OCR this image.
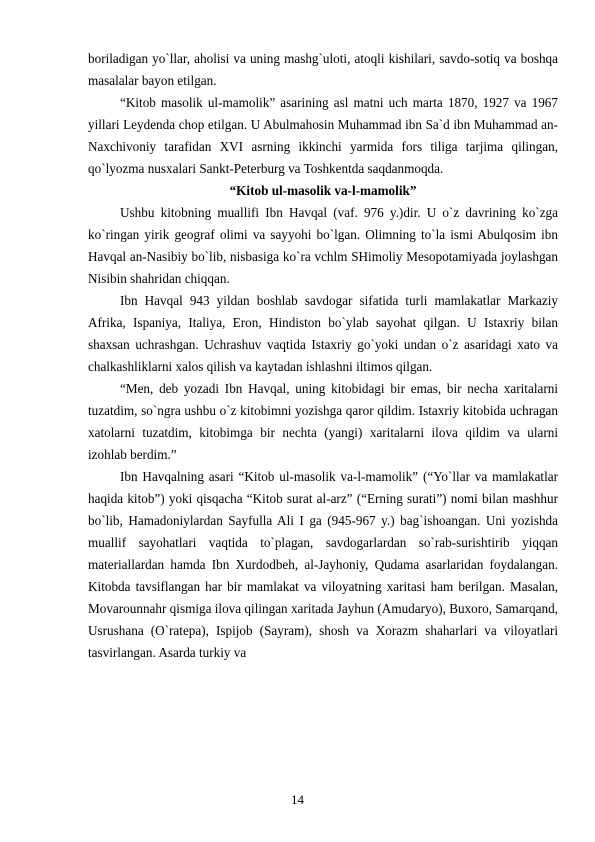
boriladigan yo`llar, aholisi va uning mashg`uloti, atoqli kishilari, savdo-sotiq va boshqa masalalar bayon etilgan.

“Kitob masolik ul-mamolik” asarining asl matni uch marta 1870, 1927 va 1967 yillari Leydenda chop etilgan. U Abulmahosin Muhammad ibn Sa`d ibn Muhammad an-Naxchivoniy tarafidan XVI asrning ikkinchi yarmida fors tiliga tarjima qilingan, qo`lyozma nusxalari Sankt-Peterburg va Toshkentda saqdanmoqda.

“Kitob ul-masolik va-l-mamolik”

Ushbu kitobning muallifi Ibn Havqal (vaf. 976 y.)dir. U o`z davrining ko`zga ko`ringan yirik geograf olimi va sayyohi bo`lgan. Olimning to`la ismi Abulqosim ibn Havqal an-Nasibiy bo`lib, nisbasiga ko`ra vchlm SHimoliy Mesopotamiyada joylashgan Nisibin shahridan chiqqan.

Ibn Havqal 943 yildan boshlab savdogar sifatida turli mamlakatlar Markaziy Afrika, Ispaniya, Italiya, Eron, Hindiston bo`ylab sayohat qilgan. U Istaxriy bilan shaxsan uchrashgan. Uchrashuv vaqtida Istaxriy go`yoki undan o`z asaridagi xato va chalkashliklarni xalos qilish va kaytadan ishlashni iltimos qilgan.

“Men, deb yozadi Ibn Havqal, uning kitobidagi bir emas, bir necha xaritalarni tuzatdim, so`ngra ushbu o`z kitobimni yozishga qaror qildim. Istaxriy kitobida uchragan xatolarni tuzatdim, kitobimga bir nechta (yangi) xaritalarni ilova qildim va ularni izohlab berdim.”

Ibn Havqalning asari “Kitob ul-masolik va-l-mamolik” (“Yo`llar va mamlakatlar haqida kitob”) yoki qisqacha “Kitob surat al-arz” (“Erning surati”) nomi bilan mashhur bo`lib, Hamadoniylardan Sayfulla Ali I ga (945-967 y.) bag`ishoangan. Uni yozishda muallif sayohatlari vaqtida to`plagan, savdogarlardan so`rab-surishtirib yiqqan materiallardan hamda Ibn Xurdodbeh, al-Jayhoniy, Qudama asarlaridan foydalangan. Kitobda tavsiflangan har bir mamlakat va viloyatning xaritasi ham berilgan. Masalan, Movarounnahr qismiga ilova qilingan xaritada Jayhun (Amudaryo), Buxoro, Samarqand, Usrushana (O`ratepa), Ispijob (Sayram), shosh va Xorazm shaharlari va viloyatlari tasvirlangan. Asarda turkiy va

14
